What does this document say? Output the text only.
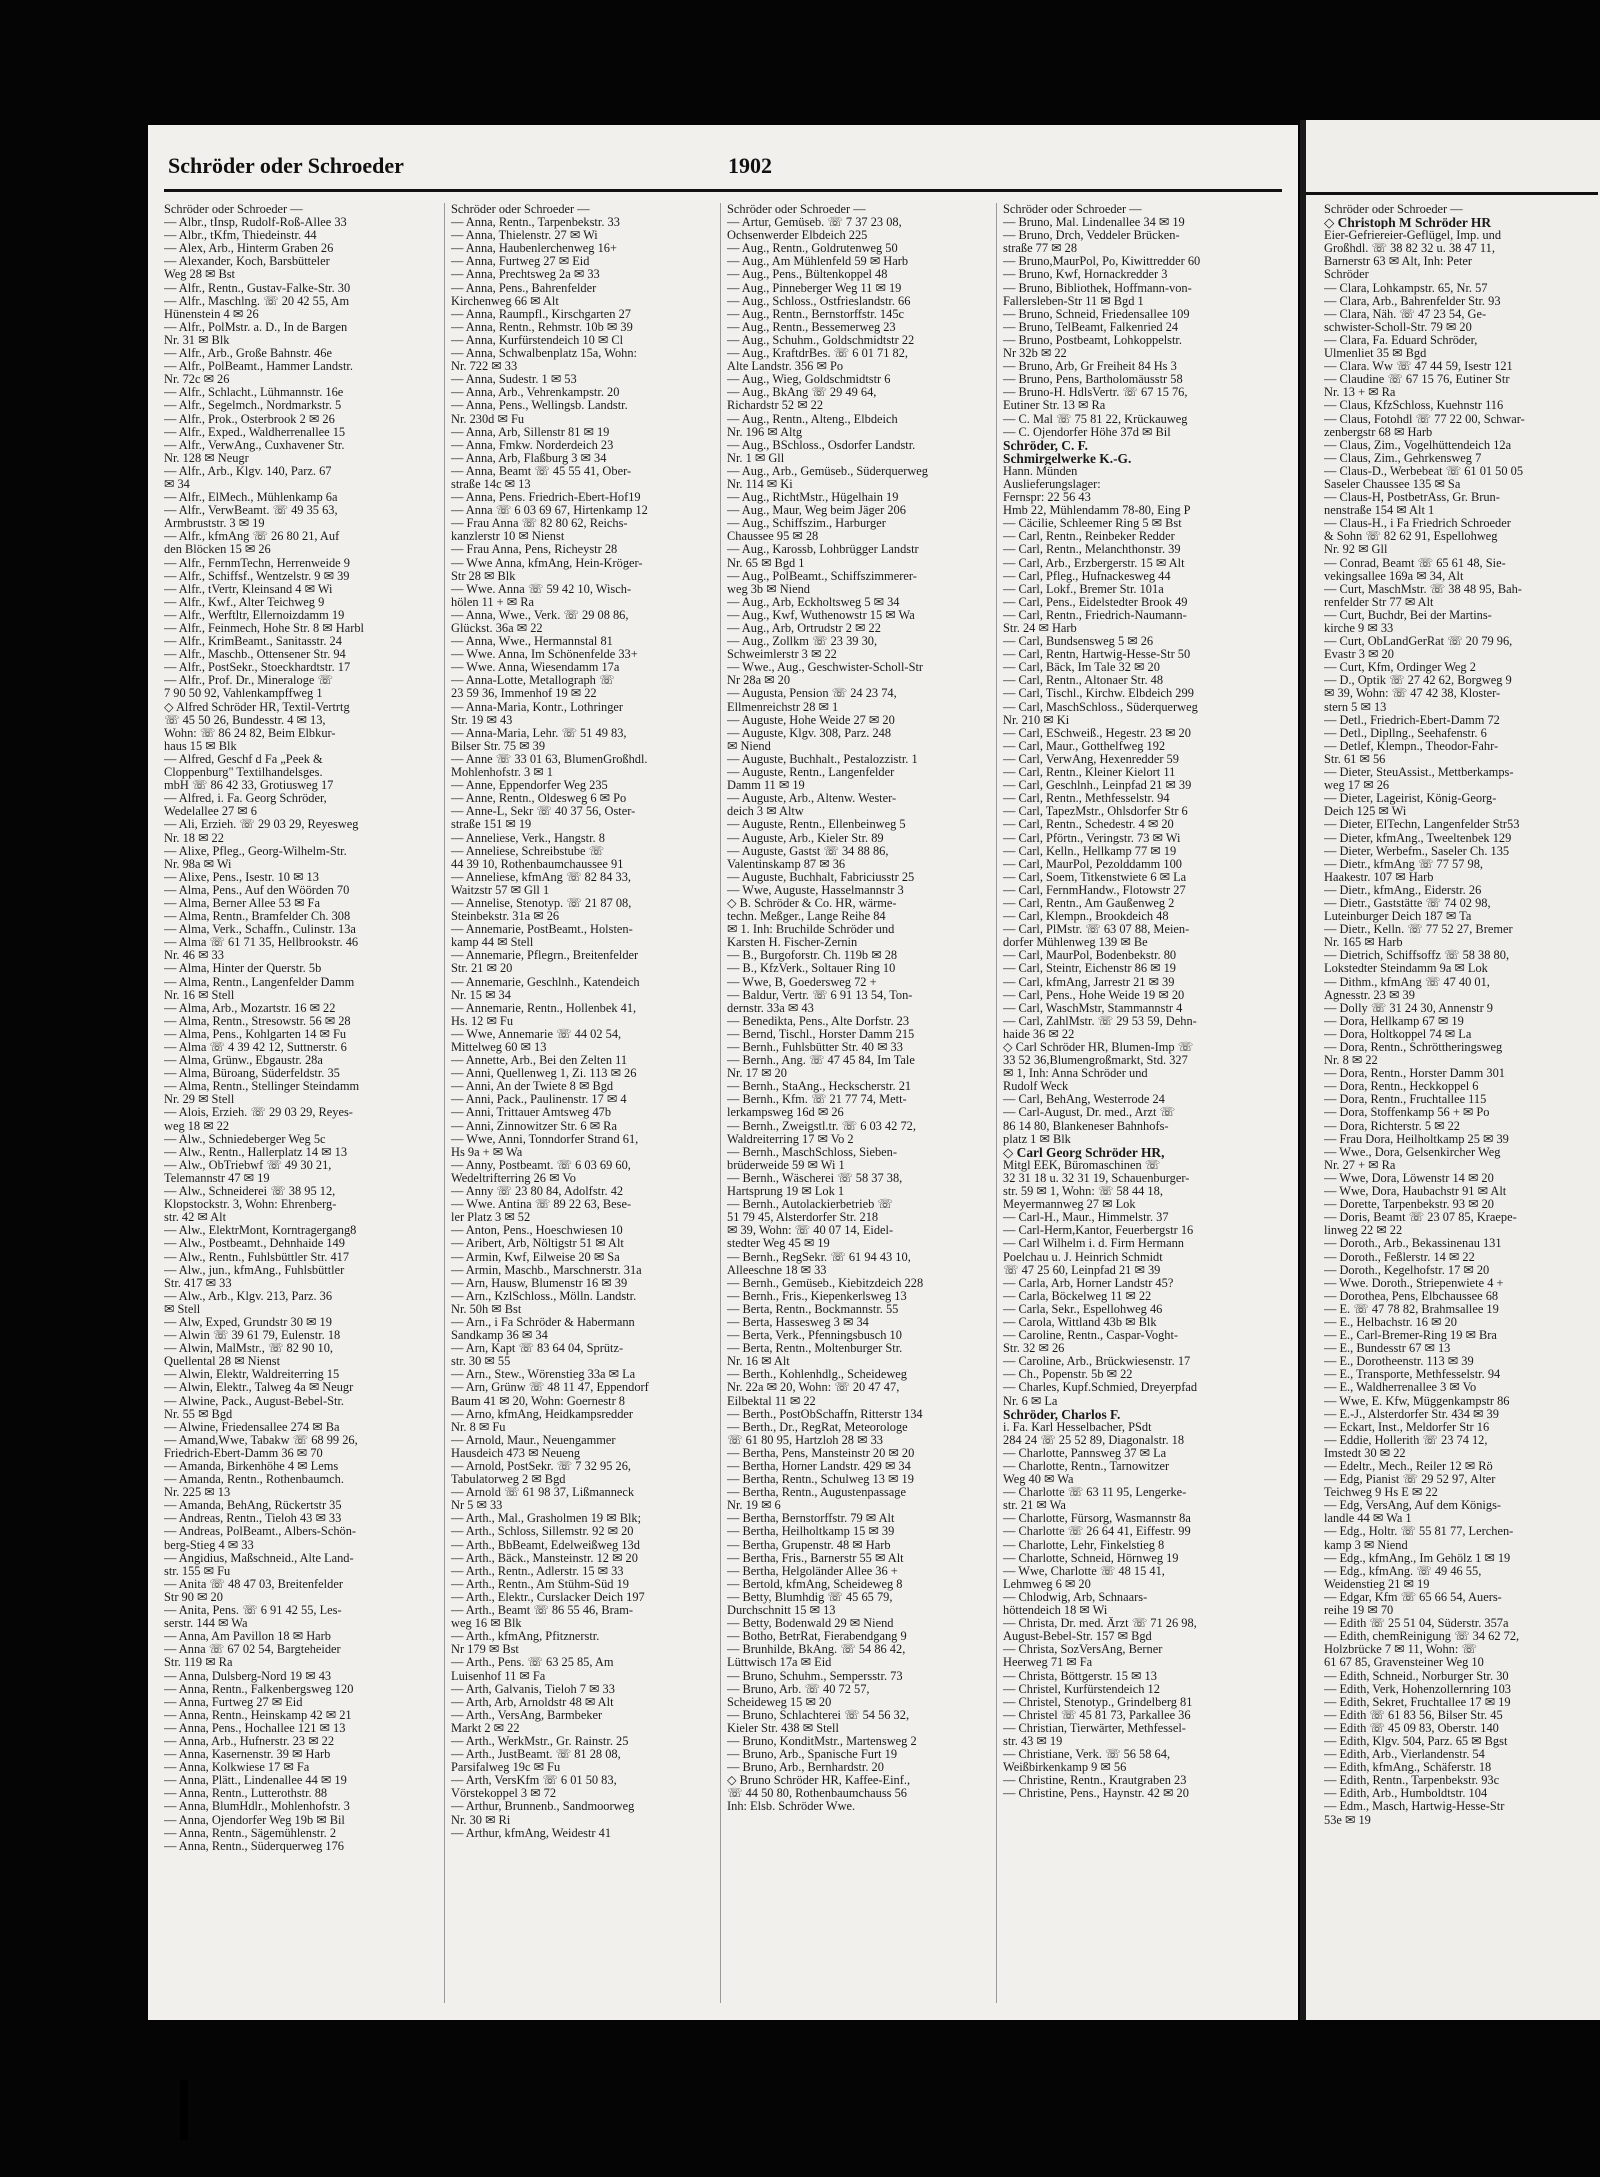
Schröder oder Schroeder	1902
Schröder oder Schroeder —
— Albr., tInsp, Rudolf-Roß-Allee 33
— Albr., tKfm, Thiedeinstr. 44
— Alex, Arb., Hinterm Graben 26
— Alexander, Koch, Barsbütteler
Weg 28 ✉ Bst
— Alfr., Rentn., Gustav-Falke-Str. 30
— Alfr., Maschlng. ☏ 20 42 55, Am
Hünenstein 4 ✉ 26
— Alfr., PolMstr. a. D., In de Bargen
Nr. 31 ✉ Blk
— Alfr., Arb., Große Bahnstr. 46e
— Alfr., PolBeamt., Hammer Landstr.
Nr. 72c ✉ 26
— Alfr., Schlacht., Lühmannstr. 16e
— Alfr., Segelmch., Nordmarkstr. 5
— Alfr., Prok., Osterbrook 2 ✉ 26
— Alfr., Exped., Waldherrenallee 15
— Alfr., VerwAng., Cuxhavener Str.
Nr. 128 ✉ Neugr
— Alfr., Arb., Klgv. 140, Parz. 67
✉ 34
— Alfr., ElMech., Mühlenkamp 6a
— Alfr., VerwBeamt. ☏ 49 35 63,
Armbruststr. 3 ✉ 19
— Alfr., kfmAng ☏ 26 80 21, Auf
den Blöcken 15 ✉ 26
— Alfr., FernmTechn, Herrenweide 9
— Alfr., Schiffsf., Wentzelstr. 9 ✉ 39
— Alfr., tVertr, Kleinsand 4 ✉ Wi
— Alfr., Kwf., Alter Teichweg 9
— Alfr., Werftltr, Ellernoizdamm 19
— Alfr., Feinmech, Hohe Str. 8 ✉ Harbl
— Alfr., KrimBeamt., Sanitasstr. 24
— Alfr., Maschb., Ottensener Str. 94
— Alfr., PostSekr., Stoeckhardtstr. 17
— Alfr., Prof. Dr., Mineraloge ☏
7 90 50 92, Vahlenkampffweg 1
◇ Alfred Schröder HR, Textil-Vertrtg
☏ 45 50 26, Bundesstr. 4 ✉ 13,
Wohn: ☏ 86 24 82, Beim Elbkur-
haus 15 ✉ Blk
— Alfred, Geschf d Fa „Peek &
Cloppenburg" Textilhandelsges.
mbH ☏ 86 42 33, Grotiusweg 17
— Alfred, i. Fa. Georg Schröder,
Wedelallee 27 ✉ 6
— Ali, Erzieh. ☏ 29 03 29, Reyesweg
Nr. 18 ✉ 22
— Alixe, Pfleg., Georg-Wilhelm-Str.
Nr. 98a ✉ Wi
— Alixe, Pens., Isestr. 10 ✉ 13
— Alma, Pens., Auf den Wöörden 70
— Alma, Berner Allee 53 ✉ Fa
— Alma, Rentn., Bramfelder Ch. 308
— Alma, Verk., Schaffn., Culinstr. 13a
— Alma ☏ 61 71 35, Hellbrookstr. 46
Nr. 46 ✉ 33
— Alma, Hinter der Querstr. 5b
— Alma, Rentn., Langenfelder Damm
Nr. 16 ✉ Stell
— Alma, Arb., Mozartstr. 16 ✉ 22
— Alma, Rentn., Stresowstr. 56 ✉ 28
— Alma, Pens., Kohlgarten 14 ✉ Fu
— Alma ☏ 4 39 42 12, Suttnerstr. 6
— Alma, Grünw., Ebgaustr. 28a
— Alma, Büroang, Süderfeldstr. 35
— Alma, Rentn., Stellinger Steindamm
Nr. 29 ✉ Stell
— Alois, Erzieh. ☏ 29 03 29, Reyes-
weg 18 ✉ 22
— Alw., Schniedeberger Weg 5c
— Alw., Rentn., Hallerplatz 14 ✉ 13
— Alw., ObTriebwf ☏ 49 30 21,
Telemannstr 47 ✉ 19
— Alw., Schneiderei ☏ 38 95 12,
Klopstockstr. 3, Wohn: Ehrenberg-
str. 42 ✉ Alt
— Alw., ElektrMont, Korntragergang8
— Alw., Postbeamt., Dehnhaide 149
— Alw., Rentn., Fuhlsbüttler Str. 417
— Alw., jun., kfmAng., Fuhlsbüttler
Str. 417 ✉ 33
— Alw., Arb., Klgv. 213, Parz. 36
✉ Stell
— Alw, Exped, Grundstr 30 ✉ 19
— Alwin ☏ 39 61 79, Eulenstr. 18
— Alwin, MalMstr., ☏ 82 90 10,
Quellental 28 ✉ Nienst
— Alwin, Elektr, Waldreiterring 15
— Alwin, Elektr., Talweg 4a ✉ Neugr
— Alwine, Pack., August-Bebel-Str.
Nr. 55 ✉ Bgd
— Alwine, Friedensallee 274 ✉ Ba
— Amand,Wwe, Tabakw ☏ 68 99 26,
Friedrich-Ebert-Damm 36 ✉ 70
— Amanda, Birkenhöhe 4 ✉ Lems
— Amanda, Rentn., Rothenbaumch.
Nr. 225 ✉ 13
— Amanda, BehAng, Rückertstr 35
— Andreas, Rentn., Tieloh 43 ✉ 33
— Andreas, PolBeamt., Albers-Schön-
berg-Stieg 4 ✉ 33
— Angidius, Maßschneid., Alte Land-
str. 155 ✉ Fu
— Anita ☏ 48 47 03, Breitenfelder
Str 90 ✉ 20
— Anita, Pens. ☏ 6 91 42 55, Les-
serstr. 144 ✉ Wa
— Anna, Am Pavillon 18 ✉ Harb
— Anna ☏ 67 02 54, Bargteheider
Str. 119 ✉ Ra
— Anna, Dulsberg-Nord 19 ✉ 43
— Anna, Rentn., Falkenbergsweg 120
— Anna, Furtweg 27 ✉ Eid
— Anna, Rentn., Heinskamp 42 ✉ 21
— Anna, Pens., Hochallee 121 ✉ 13
— Anna, Arb., Hufnerstr. 23 ✉ 22
— Anna, Kasernenstr. 39 ✉ Harb
— Anna, Kolkwiese 17 ✉ Fa
— Anna, Plätt., Lindenallee 44 ✉ 19
— Anna, Rentn., Lutterothstr. 88
— Anna, BlumHdlr., Mohlenhofstr. 3
— Anna, Ojendorfer Weg 19b ✉ Bil
— Anna, Rentn., Sägemühlenstr. 2
— Anna, Rentn., Süderquerweg 176
Schröder oder Schroeder —
— Anna, Rentn., Tarpenbekstr. 33
— Anna, Thielenstr. 27 ✉ Wi
— Anna, Haubenlerchenweg 16+
— Anna, Furtweg 27 ✉ Eid
— Anna, Prechtsweg 2a ✉ 33
— Anna, Pens., Bahrenfelder
Kirchenweg 66 ✉ Alt
— Anna, Raumpfl., Kirschgarten 27
— Anna, Rentn., Rehmstr. 10b ✉ 39
— Anna, Kurfürstendeich 10 ✉ Cl
— Anna, Schwalbenplatz 15a, Wohn:
Nr. 722 ✉ 33
— Anna, Sudestr. 1 ✉ 53
— Anna, Arb., Vehrenkampstr. 20
— Anna, Pens., Wellingsb. Landstr.
Nr. 230d ✉ Fu
— Anna, Arb, Sillenstr 81 ✉ 19
— Anna, Fmkw. Norderdeich 23
— Anna, Arb, Flaßburg 3 ✉ 34
— Anna, Beamt ☏ 45 55 41, Ober-
straße 14c ✉ 13
— Anna, Pens. Friedrich-Ebert-Hof19
— Anna ☏ 6 03 69 67, Hirtenkamp 12
— Frau Anna ☏ 82 80 62, Reichs-
kanzlerstr 10 ✉ Nienst
— Frau Anna, Pens, Richeystr 28
— Wwe Anna, kfmAng, Hein-Kröger-
Str 28 ✉ Blk
— Wwe. Anna ☏ 59 42 10, Wisch-
hölen 11 + ✉ Ra
— Anna, Wwe., Verk. ☏ 29 08 86,
Glückst. 36a ✉ 22
— Anna, Wwe., Hermannstal 81
— Wwe. Anna, Im Schönenfelde 33+
— Wwe. Anna, Wiesendamm 17a
— Anna-Lotte, Metallograph ☏
23 59 36, Immenhof 19 ✉ 22
— Anna-Maria, Kontr., Lothringer
Str. 19 ✉ 43
— Anna-Maria, Lehr. ☏ 51 49 83,
Bilser Str. 75 ✉ 39
— Anne ☏ 33 01 63, BlumenGroßhdl.
Mohlenhofstr. 3 ✉ 1
— Anne, Eppendorfer Weg 235
— Anne, Rentn., Oldesweg 6 ✉ Po
— Anne-L, Sekr ☏ 40 37 56, Oster-
straße 151 ✉ 19
— Anneliese, Verk., Hangstr. 8
— Anneliese, Schreibstube ☏
44 39 10, Rothenbaumchaussee 91
— Anneliese, kfmAng ☏ 82 84 33,
Waitzstr 57 ✉ Gll 1
— Annelise, Stenotyp. ☏ 21 87 08,
Steinbekstr. 31a ✉ 26
— Annemarie, PostBeamt., Holsten-
kamp 44 ✉ Stell
— Annemarie, Pflegrn., Breitenfelder
Str. 21 ✉ 20
— Annemarie, Geschlnh., Katendeich
Nr. 15 ✉ 34
— Annemarie, Rentn., Hollenbek 41,
Hs. 12 ✉ Fu
— Wwe, Annemarie ☏ 44 02 54,
Mittelweg 60 ✉ 13
— Annette, Arb., Bei den Zelten 11
— Anni, Quellenweg 1, Zi. 113 ✉ 26
— Anni, An der Twiete 8 ✉ Bgd
— Anni, Pack., Paulinenstr. 17 ✉ 4
— Anni, Trittauer Amtsweg 47b
— Anni, Zinnowitzer Str. 6 ✉ Ra
— Wwe, Anni, Tonndorfer Strand 61,
Hs 9a + ✉ Wa
— Anny, Postbeamt. ☏ 6 03 69 60,
Wedeltrifterring 26 ✉ Vo
— Anny ☏ 23 80 84, Adolfstr. 42
— Wwe. Antina ☏ 89 22 63, Bese-
ler Platz 3 ✉ 52
— Anton, Pens., Hoeschwiesen 10
— Aribert, Arb, Nöltigstr 51 ✉ Alt
— Armin, Kwf, Eilweise 20 ✉ Sa
— Armin, Maschb., Marschnerstr. 31a
— Arn, Hausw, Blumenstr 16 ✉ 39
— Arn., KzlSchloss., Mölln. Landstr.
Nr. 50h ✉ Bst
— Arn., i Fa Schröder & Habermann
Sandkamp 36 ✉ 34
— Arn, Kapt ☏ 83 64 04, Sprütz-
str. 30 ✉ 55
— Arn., Stew., Wörenstieg 33a ✉ La
— Arn, Grünw ☏ 48 11 47, Eppendorf
Baum 41 ✉ 20, Wohn: Goernestr 8
— Arno, kfmAng, Heidkampsredder
Nr. 8 ✉ Fu
— Arnold, Maur., Neuengammer
Hausdeich 473 ✉ Neueng
— Arnold, PostSekr. ☏ 7 32 95 26,
Tabulatorweg 2 ✉ Bgd
— Arnold ☏ 61 98 37, Lißmanneck
Nr 5 ✉ 33
— Arth., Mal., Grasholmen 19 ✉ Blk;
— Arth., Schloss, Sillemstr. 92 ✉ 20
— Arth., BbBeamt, Edelweißweg 13d
— Arth., Bäck., Mansteinstr. 12 ✉ 20
— Arth., Rentn., Adlerstr. 15 ✉ 33
— Arth., Rentn., Am Stühm-Süd 19
— Arth., Elektr., Curslacker Deich 197
— Arth., Beamt ☏ 86 55 46, Bram-
weg 16 ✉ Blk
— Arth., kfmAng, Pfitznerstr.
Nr 179 ✉ Bst
— Arth., Pens. ☏ 63 25 85, Am
Luisenhof 11 ✉ Fa
— Arth, Galvanis, Tieloh 7 ✉ 33
— Arth, Arb, Arnoldstr 48 ✉ Alt
— Arth., VersAng, Barmbeker
Markt 2 ✉ 22
— Arth., WerkMstr., Gr. Rainstr. 25
— Arth., JustBeamt. ☏ 81 28 08,
Parsifalweg 19c ✉ Fu
— Arth, VersKfm ☏ 6 01 50 83,
Vörstekoppel 3 ✉ 72
— Arthur, Brunnenb., Sandmoorweg
Nr. 30 ✉ Ri
— Arthur, kfmAng, Weidestr 41
Schröder oder Schroeder —
— Artur, Gemüseb. ☏ 7 37 23 08,
Ochsenwerder Elbdeich 225
— Aug., Rentn., Goldrutenweg 50
— Aug., Am Mühlenfeld 59 ✉ Harb
— Aug., Pens., Bültenkoppel 48
— Aug., Pinneberger Weg 11 ✉ 19
— Aug., Schloss., Ostfrieslandstr. 66
— Aug., Rentn., Bernstorffstr. 145c
— Aug., Rentn., Bessemerweg 23
— Aug., Schuhm., Goldschmidtstr 22
— Aug., KraftdrBes. ☏ 6 01 71 82,
Alte Landstr. 356 ✉ Po
— Aug., Wieg, Goldschmidtstr 6
— Aug., BkAng ☏ 29 49 64,
Richardstr 52 ✉ 22
— Aug., Rentn., Alteng., Elbdeich
Nr. 196 ✉ Altg
— Aug., BSchloss., Osdorfer Landstr.
Nr. 1 ✉ Gll
— Aug., Arb., Gemüseb., Süderquerweg
Nr. 114 ✉ Ki
— Aug., RichtMstr., Hügelhain 19
— Aug., Maur, Weg beim Jäger 206
— Aug., Schiffszim., Harburger
Chaussee 95 ✉ 28
— Aug., Karossb, Lohbrügger Landstr
Nr. 65 ✉ Bgd 1
— Aug., PolBeamt., Schiffszimmerer-
weg 3b ✉ Niend
— Aug., Arb, Eckholtsweg 5 ✉ 34
— Aug., Kwf, Wuthenowstr 15 ✉ Wa
— Aug., Arb, Ortrudstr 2 ✉ 22
— Aug., Zollkm ☏ 23 39 30,
Schweimlerstr 3 ✉ 22
— Wwe., Aug., Geschwister-Scholl-Str
Nr 28a ✉ 20
— Augusta, Pension ☏ 24 23 74,
Ellmenreichstr 28 ✉ 1
— Auguste, Hohe Weide 27 ✉ 20
— Auguste, Klgv. 308, Parz. 248
✉ Niend
— Auguste, Buchhalt., Pestalozzistr. 1
— Auguste, Rentn., Langenfelder
Damm 11 ✉ 19
— Auguste, Arb., Altenw. Wester-
deich 3 ✉ Altw
— Auguste, Rentn., Ellenbeinweg 5
— Auguste, Arb., Kieler Str. 89
— Auguste, Gastst ☏ 34 88 86,
Valentinskamp 87 ✉ 36
— Auguste, Buchhalt, Fabriciusstr 25
— Wwe, Auguste, Hasselmannstr 3
◇ B. Schröder & Co. HR, wärme-
techn. Meßger., Lange Reihe 84
✉ 1. Inh: Bruchilde Schröder und
Karsten H. Fischer-Zernin
— B., Burgoforstr. Ch. 119b ✉ 28
— B., KfzVerk., Soltauer Ring 10
— Wwe, B, Goedersweg 72 +
— Baldur, Vertr. ☏ 6 91 13 54, Ton-
dernstr. 33a ✉ 43
— Benedikta, Pens., Alte Dorfstr. 23
— Bernd, Tischl., Horster Damm 215
— Bernh., Fuhlsbütter Str. 40 ✉ 33
— Bernh., Ang. ☏ 47 45 84, Im Tale
Nr. 17 ✉ 20
— Bernh., StaAng., Heckscherstr. 21
— Bernh., Kfm. ☏ 21 77 74, Mett-
lerkampsweg 16d ✉ 26
— Bernh., Zweigstl.tr. ☏ 6 03 42 72,
Waldreiterring 17 ✉ Vo 2
— Bernh., MaschSchloss, Sieben-
brüderweide 59 ✉ Wi 1
— Bernh., Wäscherei ☏ 58 37 38,
Hartsprung 19 ✉ Lok 1
— Bernh., Autolackierbetrieb ☏
51 79 45, Alsterdorfer Str. 218
✉ 39, Wohn: ☏ 40 07 14, Eidel-
stedter Weg 45 ✉ 19
— Bernh., RegSekr. ☏ 61 94 43 10,
Alleeschne 18 ✉ 33
— Bernh., Gemüseb., Kiebitzdeich 228
— Bernh., Fris., Kiepenkerlsweg 13
— Berta, Rentn., Bockmannstr. 55
— Berta, Hassesweg 3 ✉ 34
— Berta, Verk., Pfenningsbusch 10
— Berta, Rentn., Moltenburger Str.
Nr. 16 ✉ Alt
— Berth., Kohlenhdlg., Scheideweg
Nr. 22a ✉ 20, Wohn: ☏ 20 47 47,
Eilbektal 11 ✉ 22
— Berth., PostObSchaffn, Ritterstr 134
— Berth., Dr., RegRat, Meteorologe
☏ 61 80 95, Hartzloh 28 ✉ 33
— Bertha, Pens, Mansteinstr 20 ✉ 20
— Bertha, Horner Landstr. 429 ✉ 34
— Bertha, Rentn., Schulweg 13 ✉ 19
— Bertha, Rentn., Augustenpassage
Nr. 19 ✉ 6
— Bertha, Bernstorffstr. 79 ✉ Alt
— Bertha, Heilholtkamp 15 ✉ 39
— Bertha, Grupenstr. 48 ✉ Harb
— Bertha, Fris., Barnerstr 55 ✉ Alt
— Bertha, Helgoländer Allee 36 +
— Bertold, kfmAng, Scheideweg 8
— Betty, Blumhdig ☏ 45 65 79,
Durchschnitt 15 ✉ 13
— Betty, Bodenwald 29 ✉ Niend
— Botho, BetrRat, Fierabendgang 9
— Brunhilde, BkAng. ☏ 54 86 42,
Lüttwisch 17a ✉ Eid
— Bruno, Schuhm., Sempersstr. 73
— Bruno, Arb. ☏ 40 72 57,
Scheideweg 15 ✉ 20
— Bruno, Schlachterei ☏ 54 56 32,
Kieler Str. 438 ✉ Stell
— Bruno, KonditMstr., Martensweg 2
— Bruno, Arb., Spanische Furt 19
— Bruno, Arb., Bernhardstr. 20
◇ Bruno Schröder HR, Kaffee-Einf.,
☏ 44 50 80, Rothenbaumchauss 56
Inh: Elsb. Schröder Wwe.
Schröder oder Schroeder —
— Bruno, Mal. Lindenallee 34 ✉ 19
— Bruno, Drch, Veddeler Brücken-
straße 77 ✉ 28
— Bruno,MaurPol, Po, Kiwittredder 60
— Bruno, Kwf, Hornackredder 3
— Bruno, Bibliothek, Hoffmann-von-
Fallersleben-Str 11 ✉ Bgd 1
— Bruno, Schneid, Friedensallee 109
— Bruno, TelBeamt, Falkenried 24
— Bruno, Postbeamt, Lohkoppelstr.
Nr 32b ✉ 22
— Bruno, Arb, Gr Freiheit 84 Hs 3
— Bruno, Pens, Bartholomäusstr 58
— Bruno-H. HdlsVertr. ☏ 67 15 76,
Eutiner Str. 13 ✉ Ra
— C. Mal ☏ 75 81 22, Krückauweg
— C. Ojendorfer Höhe 37d ✉ Bil
Schröder, C. F.
Schmirgelwerke K.-G.
Hann. Münden
Auslieferungslager:
Fernspr: 22 56 43
Hmb 22, Mühlendamm 78-80, Eing P
— Cäcilie, Schleemer Ring 5 ✉ Bst
— Carl, Rentn., Reinbeker Redder
— Carl, Rentn., Melanchthonstr. 39
— Carl, Arb., Erzbergerstr. 15 ✉ Alt
— Carl, Pfleg., Hufnackesweg 44
— Carl, Lokf., Bremer Str. 101a
— Carl, Pens., Eidelstedter Brook 49
— Carl, Rentn., Friedrich-Naumann-
Str. 24 ✉ Harb
— Carl, Bundsensweg 5 ✉ 26
— Carl, Rentn, Hartwig-Hesse-Str 50
— Carl, Bäck, Im Tale 32 ✉ 20
— Carl, Rentn., Altonaer Str. 48
— Carl, Tischl., Kirchw. Elbdeich 299
— Carl, MaschSchloss., Süderquerweg
Nr. 210 ✉ Ki
— Carl, ESchweiß., Hegestr. 23 ✉ 20
— Carl, Maur., Gotthelfweg 192
— Carl, VerwAng, Hexenredder 59
— Carl, Rentn., Kleiner Kielort 11
— Carl, Geschlnh., Leinpfad 21 ✉ 39
— Carl, Rentn., Methfesselstr. 94
— Carl, TapezMstr., Ohlsdorfer Str 6
— Carl, Rentn., Schedestr. 4 ✉ 20
— Carl, Pförtn., Veringstr. 73 ✉ Wi
— Carl, Kelln., Hellkamp 77 ✉ 19
— Carl, MaurPol, Pezolddamm 100
— Carl, Soem, Titkenstwiete 6 ✉ La
— Carl, FernmHandw., Flotowstr 27
— Carl, Rentn., Am Gaußenweg 2
— Carl, Klempn., Brookdeich 48
— Carl, PlMstr. ☏ 63 07 88, Meien-
dorfer Mühlenweg 139 ✉ Be
— Carl, MaurPol, Bodenbekstr. 80
— Carl, Steintr, Eichenstr 86 ✉ 19
— Carl, kfmAng, Jarrestr 21 ✉ 39
— Carl, Pens., Hohe Weide 19 ✉ 20
— Carl, WaschMstr, Stammannstr 4
— Carl, ZahlMstr. ☏ 29 53 59, Dehn-
haide 36 ✉ 22
◇ Carl Schröder HR, Blumen-Imp ☏
33 52 36,Blumengroßmarkt, Std. 327
✉ 1, Inh: Anna Schröder und
Rudolf Weck
— Carl, BehAng, Westerrode 24
— Carl-August, Dr. med., Arzt ☏
86 14 80, Blankeneser Bahnhofs-
platz 1 ✉ Blk
◇ Carl Georg Schröder HR,
Mitgl EEK, Büromaschinen ☏
32 31 18 u. 32 31 19, Schauenburger-
str. 59 ✉ 1, Wohn: ☏ 58 44 18,
Meyermannweg 27 ✉ Lok
— Carl-H., Maur., Himmelstr. 37
— Carl-Herm,Kantor, Feuerbergstr 16
— Carl Wilhelm i. d. Firm Hermann
Poelchau u. J. Heinrich Schmidt
☏ 47 25 60, Leinpfad 21 ✉ 39
— Carla, Arb, Horner Landstr 45?
— Carla, Böckelweg 11 ✉ 22
— Carla, Sekr., Espellohweg 46
— Carola, Wittland 43b ✉ Blk
— Caroline, Rentn., Caspar-Voght-
Str. 32 ✉ 26
— Caroline, Arb., Brückwiesenstr. 17
— Ch., Popenstr. 5b ✉ 22
— Charles, Kupf.Schmied, Dreyerpfad
Nr. 6 ✉ La
Schröder, Charlos F.
i. Fa. Karl Hesselbacher, PSdt
284 24 ☏ 25 52 89, Diagonalstr. 18
— Charlotte, Pannsweg 37 ✉ La
— Charlotte, Rentn., Tarnowitzer
Weg 40 ✉ Wa
— Charlotte ☏ 63 11 95, Lengerke-
str. 21 ✉ Wa
— Charlotte, Fürsorg, Wasmannstr 8a
— Charlotte ☏ 26 64 41, Eiffestr. 99
— Charlotte, Lehr, Finkelstieg 8
— Charlotte, Schneid, Hörnweg 19
— Wwe, Charlotte ☏ 48 15 41,
Lehmweg 6 ✉ 20
— Chlodwig, Arb, Schnaars-
höttendeich 18 ✉ Wi
— Christa, Dr. med. Ärzt ☏ 71 26 98,
August-Bebel-Str. 157 ✉ Bgd
— Christa, SozVersAng, Berner
Heerweg 71 ✉ Fa
— Christa, Böttgerstr. 15 ✉ 13
— Christel, Kurfürstendeich 12
— Christel, Stenotyp., Grindelberg 81
— Christel ☏ 45 81 73, Parkallee 36
— Christian, Tierwärter, Methfessel-
str. 43 ✉ 19
— Christiane, Verk. ☏ 56 58 64,
Weißbirkenkamp 9 ✉ 56
— Christine, Rentn., Krautgraben 23
— Christine, Pens., Haynstr. 42 ✉ 20
Schröder oder Schroeder —
◇ Christoph M Schröder HR
Eier-Gefriereier-Geflügel, Imp. und
Großhdl. ☏ 38 82 32 u. 38 47 11,
Barnerstr 63 ✉ Alt, Inh: Peter
Schröder
— Clara, Lohkampstr. 65, Nr. 57
— Clara, Arb., Bahrenfelder Str. 93
— Clara, Näh. ☏ 47 23 54, Ge-
schwister-Scholl-Str. 79 ✉ 20
— Clara, Fa. Eduard Schröder,
Ulmenliet 35 ✉ Bgd
— Clara. Ww ☏ 47 44 59, Isestr 121
— Claudine ☏ 67 15 76, Eutiner Str
Nr. 13 + ✉ Ra
— Claus, KfzSchloss, Kuehnstr 116
— Claus, Fotohdl ☏ 77 22 00, Schwar-
zenbergstr 68 ✉ Harb
— Claus, Zim., Vogelhüttendeich 12a
— Claus, Zim., Gehrkensweg 7
— Claus-D., Werbebeat ☏ 61 01 50 05
Saseler Chaussee 135 ✉ Sa
— Claus-H, PostbetrAss, Gr. Brun-
nenstraße 154 ✉ Alt 1
— Claus-H., i Fa Friedrich Schroeder
& Sohn ☏ 82 62 91, Espellohweg
Nr. 92 ✉ Gll
— Conrad, Beamt ☏ 65 61 48, Sie-
vekingsallee 169a ✉ 34, Alt
— Curt, MaschMstr. ☏ 38 48 95, Bah-
renfelder Str 77 ✉ Alt
— Curt, Buchdr, Bei der Martins-
kirche 9 ✉ 33
— Curt, ObLandGerRat ☏ 20 79 96,
Evastr 3 ✉ 20
— Curt, Kfm, Ordinger Weg 2
— D., Optik ☏ 27 42 62, Borgweg 9
✉ 39, Wohn: ☏ 47 42 38, Kloster-
stern 5 ✉ 13
— Detl., Friedrich-Ebert-Damm 72
— Detl., Dipllng., Seehafenstr. 6
— Detlef, Klempn., Theodor-Fahr-
Str. 61 ✉ 56
— Dieter, SteuAssist., Mettberkamps-
weg 17 ✉ 26
— Dieter, Lageirist, König-Georg-
Deich 125 ✉ Wi
— Dieter, ElTechn, Langenfelder Str53
— Dieter, kfmAng., Tweeltenbek 129
— Dieter, Werbefm., Saseler Ch. 135
— Dietr., kfmAng ☏ 77 57 98,
Haakestr. 107 ✉ Harb
— Dietr., kfmAng., Eiderstr. 26
— Dietr., Gaststätte ☏ 74 02 98,
Luteinburger Deich 187 ✉ Ta
— Dietr., Kelln. ☏ 77 52 27, Bremer
Nr. 165 ✉ Harb
— Dietrich, Schiffsoffz ☏ 58 38 80,
Lokstedter Steindamm 9a ✉ Lok
— Dithm., kfmAng ☏ 47 40 01,
Agnesstr. 23 ✉ 39
— Dolly ☏ 31 24 30, Annenstr 9
— Dora, Hellkamp 67 ✉ 19
— Dora, Holtkoppel 74 ✉ La
— Dora, Rentn., Schröttheringsweg
Nr. 8 ✉ 22
— Dora, Rentn., Horster Damm 301
— Dora, Rentn., Heckkoppel 6
— Dora, Rentn., Fruchtallee 115
— Dora, Stoffenkamp 56 + ✉ Po
— Dora, Richterstr. 5 ✉ 22
— Frau Dora, Heilholtkamp 25 ✉ 39
— Wwe., Dora, Gelsenkircher Weg
Nr. 27 + ✉ Ra
— Wwe, Dora, Löwenstr 14 ✉ 20
— Wwe, Dora, Haubachstr 91 ✉ Alt
— Dorette, Tarpenbekstr. 93 ✉ 20
— Doris, Beamt ☏ 23 07 85, Kraepe-
linweg 22 ✉ 22
— Doroth., Arb., Bekassinenau 131
— Doroth., Feßlerstr. 14 ✉ 22
— Doroth., Kegelhofstr. 17 ✉ 20
— Wwe. Doroth., Striepenwiete 4 +
— Dorothea, Pens, Elbchaussee 68
— E. ☏ 47 78 82, Brahmsallee 19
— E., Helbachstr. 16 ✉ 20
— E., Carl-Bremer-Ring 19 ✉ Bra
— E., Bundesstr 67 ✉ 13
— E., Dorotheenstr. 113 ✉ 39
— E., Transporte, Methfesselstr. 94
— E., Waldherrenallee 3 ✉ Vo
— Wwe, E. Kfw, Müggenkampstr 86
— E.-J., Alsterdorfer Str. 434 ✉ 39
— Eckart, Inst., Meldorfer Str 16
— Eddie, Hollerith ☏ 23 74 12,
Imstedt 30 ✉ 22
— Edeltr., Mech., Reiler 12 ✉ Rö
— Edg, Pianist ☏ 29 52 97, Alter
Teichweg 9 Hs E ✉ 22
— Edg, VersAng, Auf dem Königs-
landle 44 ✉ Wa 1
— Edg., Holtr. ☏ 55 81 77, Lerchen-
kamp 3 ✉ Niend
— Edg., kfmAng., Im Gehölz 1 ✉ 19
— Edg., kfmAng. ☏ 49 46 55,
Weidenstieg 21 ✉ 19
— Edgar, Kfm ☏ 65 66 54, Auers-
reihe 19 ✉ 70
— Edith ☏ 25 51 04, Süderstr. 357a
— Edith, chemReinigung ☏ 34 62 72,
Holzbrücke 7 ✉ 11, Wohn: ☏
61 67 85, Gravensteiner Weg 10
— Edith, Schneid., Norburger Str. 30
— Edith, Verk, Hohenzollernring 103
— Edith, Sekret, Fruchtallee 17 ✉ 19
— Edith ☏ 61 83 56, Bilser Str. 45
— Edith ☏ 45 09 83, Oberstr. 140
— Edith, Klgv. 504, Parz. 65 ✉ Bgst
— Edith, Arb., Vierlandenstr. 54
— Edith, kfmAng., Schäferstr. 18
— Edith, Rentn., Tarpenbekstr. 93c
— Edith, Arb., Humboldtstr. 104
— Edm., Masch, Hartwig-Hesse-Str
53e ✉ 19
